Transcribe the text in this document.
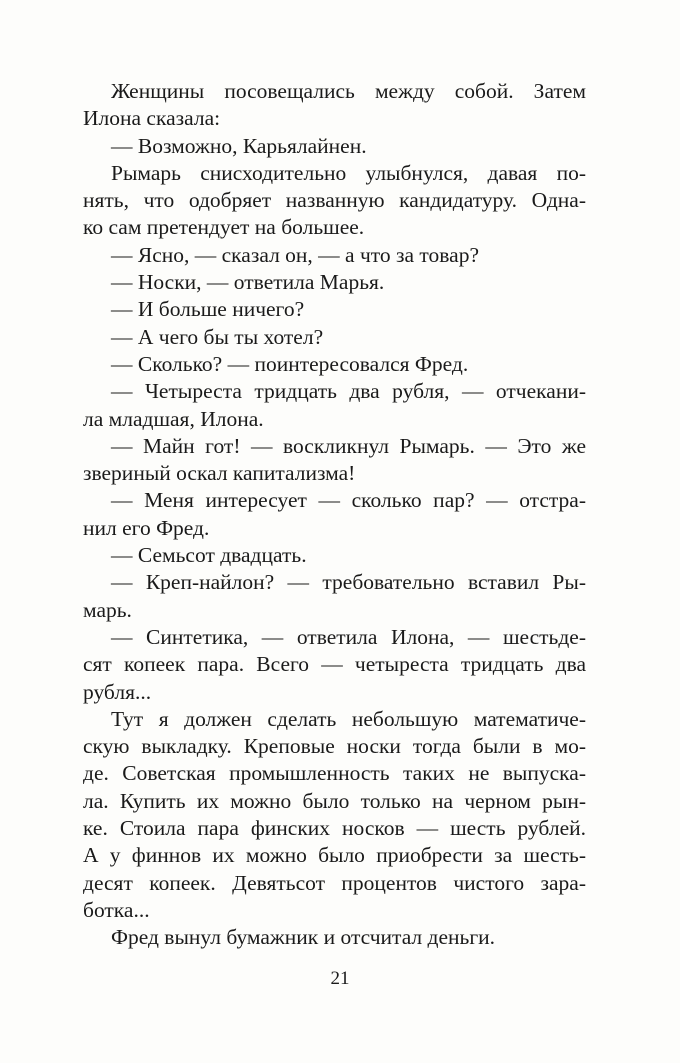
Женщины посовещались между собой. Затем
Илона сказала:
— Возможно, Карьялайнен.
Рымарь снисходительно улыбнулся, давая по-
нять, что одобряет названную кандидатуру. Одна-
ко сам претендует на большее.
— Ясно, — сказал он, — а что за товар?
— Носки, — ответила Марья.
— И больше ничего?
— А чего бы ты хотел?
— Сколько? — поинтересовался Фред.
— Четыреста тридцать два рубля, — отчекани-
ла младшая, Илона.
— Майн гот! — воскликнул Рымарь. — Это же
звериный оскал капитализма!
— Меня интересует — сколько пар? — отстра-
нил его Фред.
— Семьсот двадцать.
— Креп-найлон? — требовательно вставил Ры-
марь.
— Синтетика, — ответила Илона, — шестьде-
сят копеек пара. Всего — четыреста тридцать два
рубля...
Тут я должен сделать небольшую математиче-
скую выкладку. Креповые носки тогда были в мо-
де. Советская промышленность таких не выпуска-
ла. Купить их можно было только на черном рын-
ке. Стоила пара финских носков — шесть рублей.
А у финнов их можно было приобрести за шесть-
десят копеек. Девятьсот процентов чистого зара-
ботка...
Фред вынул бумажник и отсчитал деньги.
21
